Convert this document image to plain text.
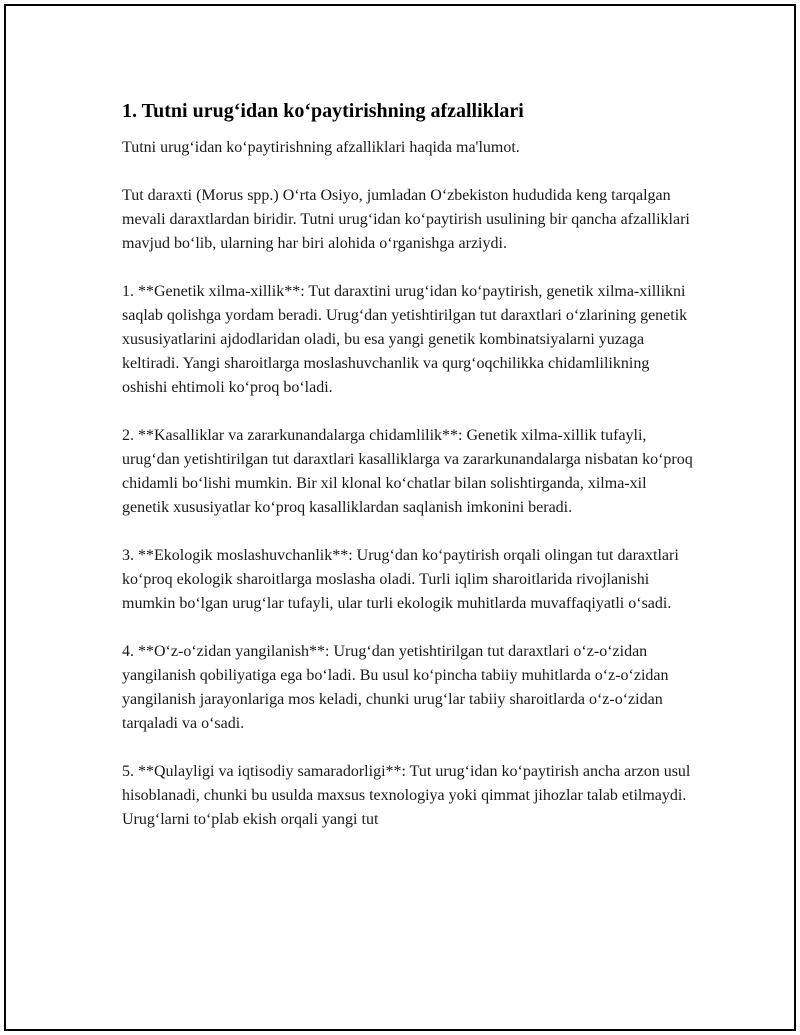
1. Tutni urug‘idan ko‘paytirishning afzalliklari

Tutni urug‘idan ko‘paytirishning afzalliklari haqida ma'lumot.

Tut daraxti (Morus spp.) O‘rta Osiyo, jumladan O‘zbekiston hududida keng tarqalgan mevali daraxtlardan biridir. Tutni urug‘idan ko‘paytirish usulining bir qancha afzalliklari mavjud bo‘lib, ularning har biri alohida o‘rganishga arziydi.

1. **Genetik xilma-xillik**: Tut daraxtini urug‘idan ko‘paytirish, genetik xilma-xillikni saqlab qolishga yordam beradi. Urug‘dan yetishtirilgan tut daraxtlari o‘zlarining genetik xususiyatlarini ajdodlaridan oladi, bu esa yangi genetik kombinatsiyalarni yuzaga keltiradi. Yangi sharoitlarga moslashuvchanlik va qurg‘oqchilikka chidamlilikning oshishi ehtimoli ko‘proq bo‘ladi.

2. **Kasalliklar va zararkunandalarga chidamlilik**: Genetik xilma-xillik tufayli, urug‘dan yetishtirilgan tut daraxtlari kasalliklarga va zararkunandalarga nisbatan ko‘proq chidamli bo‘lishi mumkin. Bir xil klonal ko‘chatlar bilan solishtirganda, xilma-xil genetik xususiyatlar ko‘proq kasalliklardan saqlanish imkonini beradi.

3. **Ekologik moslashuvchanlik**: Urug‘dan ko‘paytirish orqali olingan tut daraxtlari ko‘proq ekologik sharoitlarga moslasha oladi. Turli iqlim sharoitlarida rivojlanishi mumkin bo‘lgan urug‘lar tufayli, ular turli ekologik muhitlarda muvaffaqiyatli o‘sadi.

4. **O‘z-o‘zidan yangilanish**: Urug‘dan yetishtirilgan tut daraxtlari o‘z-o‘zidan yangilanish qobiliyatiga ega bo‘ladi. Bu usul ko‘pincha tabiiy muhitlarda o‘z-o‘zidan yangilanish jarayonlariga mos keladi, chunki urug‘lar tabiiy sharoitlarda o‘z-o‘zidan tarqaladi va o‘sadi.

5. **Qulayligi va iqtisodiy samaradorligi**: Tut urug‘idan ko‘paytirish ancha arzon usul hisoblanadi, chunki bu usulda maxsus texnologiya yoki qimmat jihozlar talab etilmaydi. Urug‘larni to‘plab ekish orqali yangi tut
